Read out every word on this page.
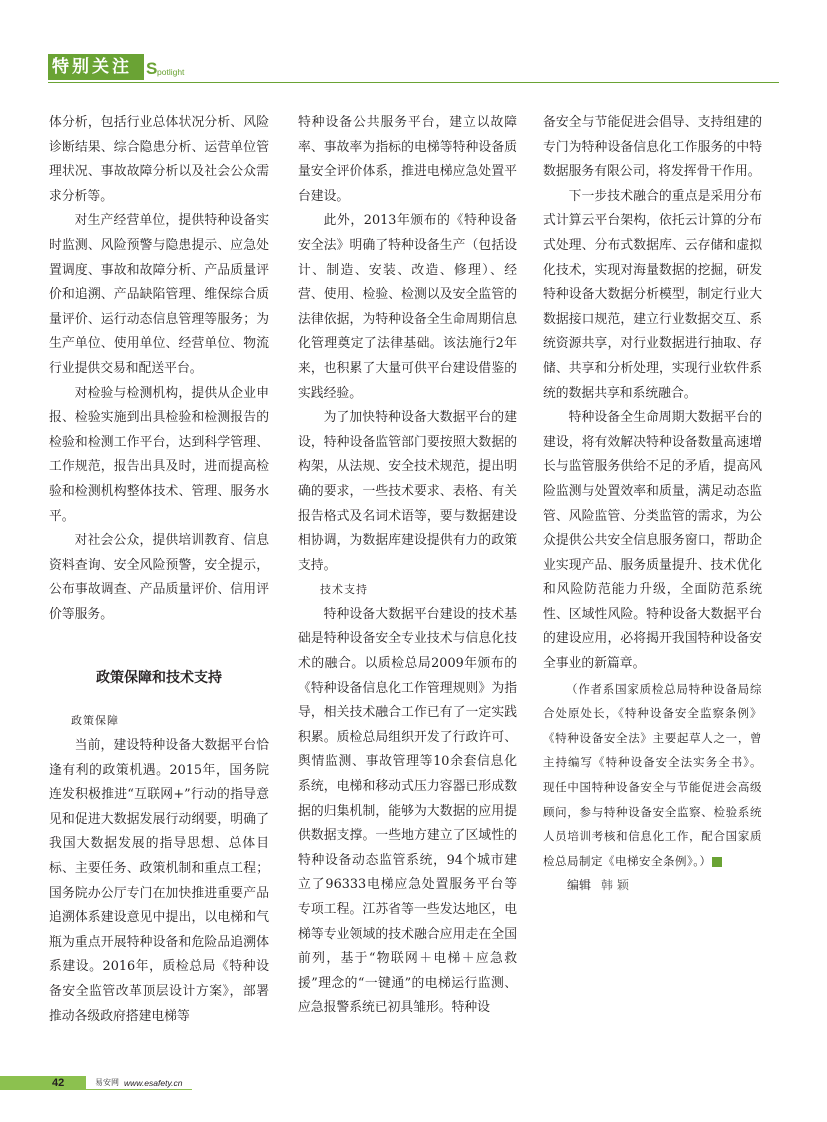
特别关注 S potlight

体分析，包括行业总体状况分析、风险诊断结果、综合隐患分析、运营单位管理状况、事故故障分析以及社会公众需求分析等。

对生产经营单位，提供特种设备实时监测、风险预警与隐患提示、应急处置调度、事故和故障分析、产品质量评价和追溯、产品缺陷管理、维保综合质量评价、运行动态信息管理等服务；为生产单位、使用单位、经营单位、物流行业提供交易和配送平台。

对检验与检测机构，提供从企业申报、检验实施到出具检验和检测报告的检验和检测工作平台，达到科学管理、工作规范，报告出具及时，进而提高检验和检测机构整体技术、管理、服务水平。

对社会公众，提供培训教育、信息资料查询、安全风险预警，安全提示，公布事故调查、产品质量评价、信用评价等服务。

政策保障和技术支持

政策保障

当前，建设特种设备大数据平台恰逢有利的政策机遇。2015年，国务院连发积极推进“互联网+”行动的指导意见和促进大数据发展行动纲要，明确了我国大数据发展的指导思想、总体目标、主要任务、政策机制和重点工程；国务院办公厅专门在加快推进重要产品追溯体系建设意见中提出，以电梯和气瓶为重点开展特种设备和危险品追溯体系建设。2016年，质检总局《特种设备安全监管改革顶层设计方案》，部署推动各级政府搭建电梯等

特种设备公共服务平台，建立以故障率、事故率为指标的电梯等特种设备质量安全评价体系，推进电梯应急处置平台建设。

此外，2013年颁布的《特种设备安全法》明确了特种设备生产（包括设计、制造、安装、改造、修理）、经营、使用、检验、检测以及安全监管的法律依据，为特种设备全生命周期信息化管理奠定了法律基础。该法施行2年来，也积累了大量可供平台建设借鉴的实践经验。

为了加快特种设备大数据平台的建设，特种设备监管部门要按照大数据的构架，从法规、安全技术规范，提出明确的要求，一些技术要求、表格、有关报告格式及名词术语等，要与数据建设相协调，为数据库建设提供有力的政策支持。

技术支持

特种设备大数据平台建设的技术基础是特种设备安全专业技术与信息化技术的融合。以质检总局2009年颁布的《特种设备信息化工作管理规则》为指导，相关技术融合工作已有了一定实践积累。质检总局组织开发了行政许可、舆情监测、事故管理等10余套信息化系统，电梯和移动式压力容器已形成数据的归集机制，能够为大数据的应用提供数据支撑。一些地方建立了区域性的特种设备动态监管系统，94个城市建立了96333电梯应急处置服务平台等专项工程。江苏省等一些发达地区，电梯等专业领域的技术融合应用走在全国前列，基于“物联网＋电梯＋应急救援”理念的“一键通”的电梯运行监测、应急报警系统已初具雏形。特种设

备安全与节能促进会倡导、支持组建的专门为特种设备信息化工作服务的中特数据服务有限公司，将发挥骨干作用。

下一步技术融合的重点是采用分布式计算云平台架构，依托云计算的分布式处理、分布式数据库、云存储和虚拟化技术，实现对海量数据的挖掘，研发特种设备大数据分析模型，制定行业大数据接口规范，建立行业数据交互、系统资源共享，对行业数据进行抽取、存储、共享和分析处理，实现行业软件系统的数据共享和系统融合。

特种设备全生命周期大数据平台的建设，将有效解决特种设备数量高速增长与监管服务供给不足的矛盾，提高风险监测与处置效率和质量，满足动态监管、风险监管、分类监管的需求，为公众提供公共安全信息服务窗口，帮助企业实现产品、服务质量提升、技术优化和风险防范能力升级，全面防范系统性、区域性风险。特种设备大数据平台的建设应用，必将揭开我国特种设备安全事业的新篇章。

（作者系国家质检总局特种设备局综合处原处长，《特种设备安全监察条例》《特种设备安全法》主要起草人之一，曾主持编写《特种设备安全法实务全书》。现任中国特种设备安全与节能促进会高级顾问，参与特种设备安全监察、检验系统人员培训考核和信息化工作，配合国家质检总局制定《电梯安全条例》。）	安

编辑 韩 颖

42	易安网 www.esafety.cn
